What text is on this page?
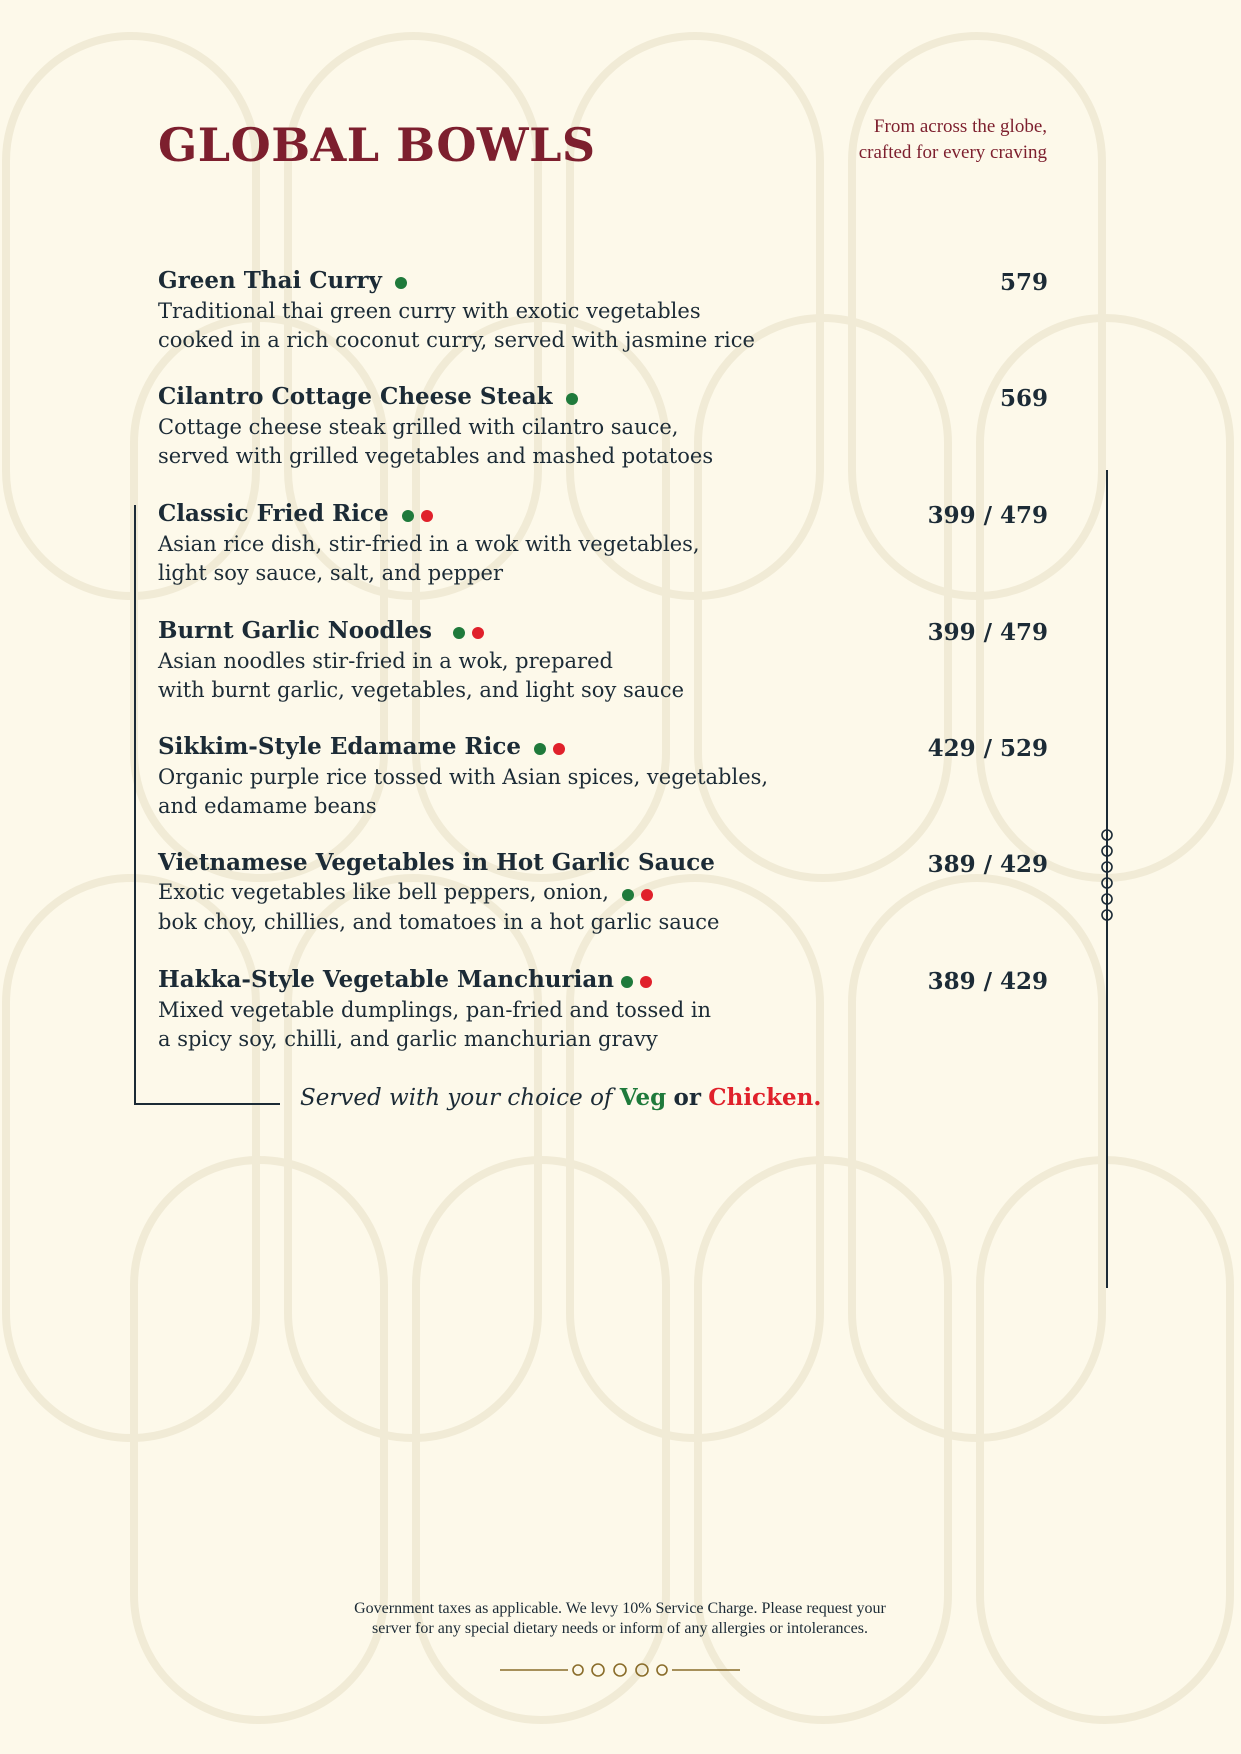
GLOBAL BOWLS	From across the globe,
crafted for every craving
Green Thai Curry	579
Traditional thai green curry with exotic vegetables
cooked in a rich coconut curry, served with jasmine rice
Cilantro Cottage Cheese Steak	569
Cottage cheese steak grilled with cilantro sauce,
served with grilled vegetables and mashed potatoes
Classic Fried Rice	399 / 479
Asian rice dish, stir-fried in a wok with vegetables,
light soy sauce, salt, and pepper
Burnt Garlic Noodles	399 / 479
Asian noodles stir-fried in a wok, prepared
with burnt garlic, vegetables, and light soy sauce
Sikkim-Style Edamame Rice	429 / 529
Organic purple rice tossed with Asian spices, vegetables,
and edamame beans
Vietnamese Vegetables in Hot Garlic Sauce	389 / 429
Exotic vegetables like bell peppers, onion,
bok choy, chillies, and tomatoes in a hot garlic sauce
Hakka-Style Vegetable Manchurian	389 / 429
Mixed vegetable dumplings, pan-fried and tossed in
a spicy soy, chilli, and garlic manchurian gravy
Served with your choice of Veg or Chicken.
Government taxes as applicable. We levy 10% Service Charge. Please request your
server for any special dietary needs or inform of any allergies or intolerances.
